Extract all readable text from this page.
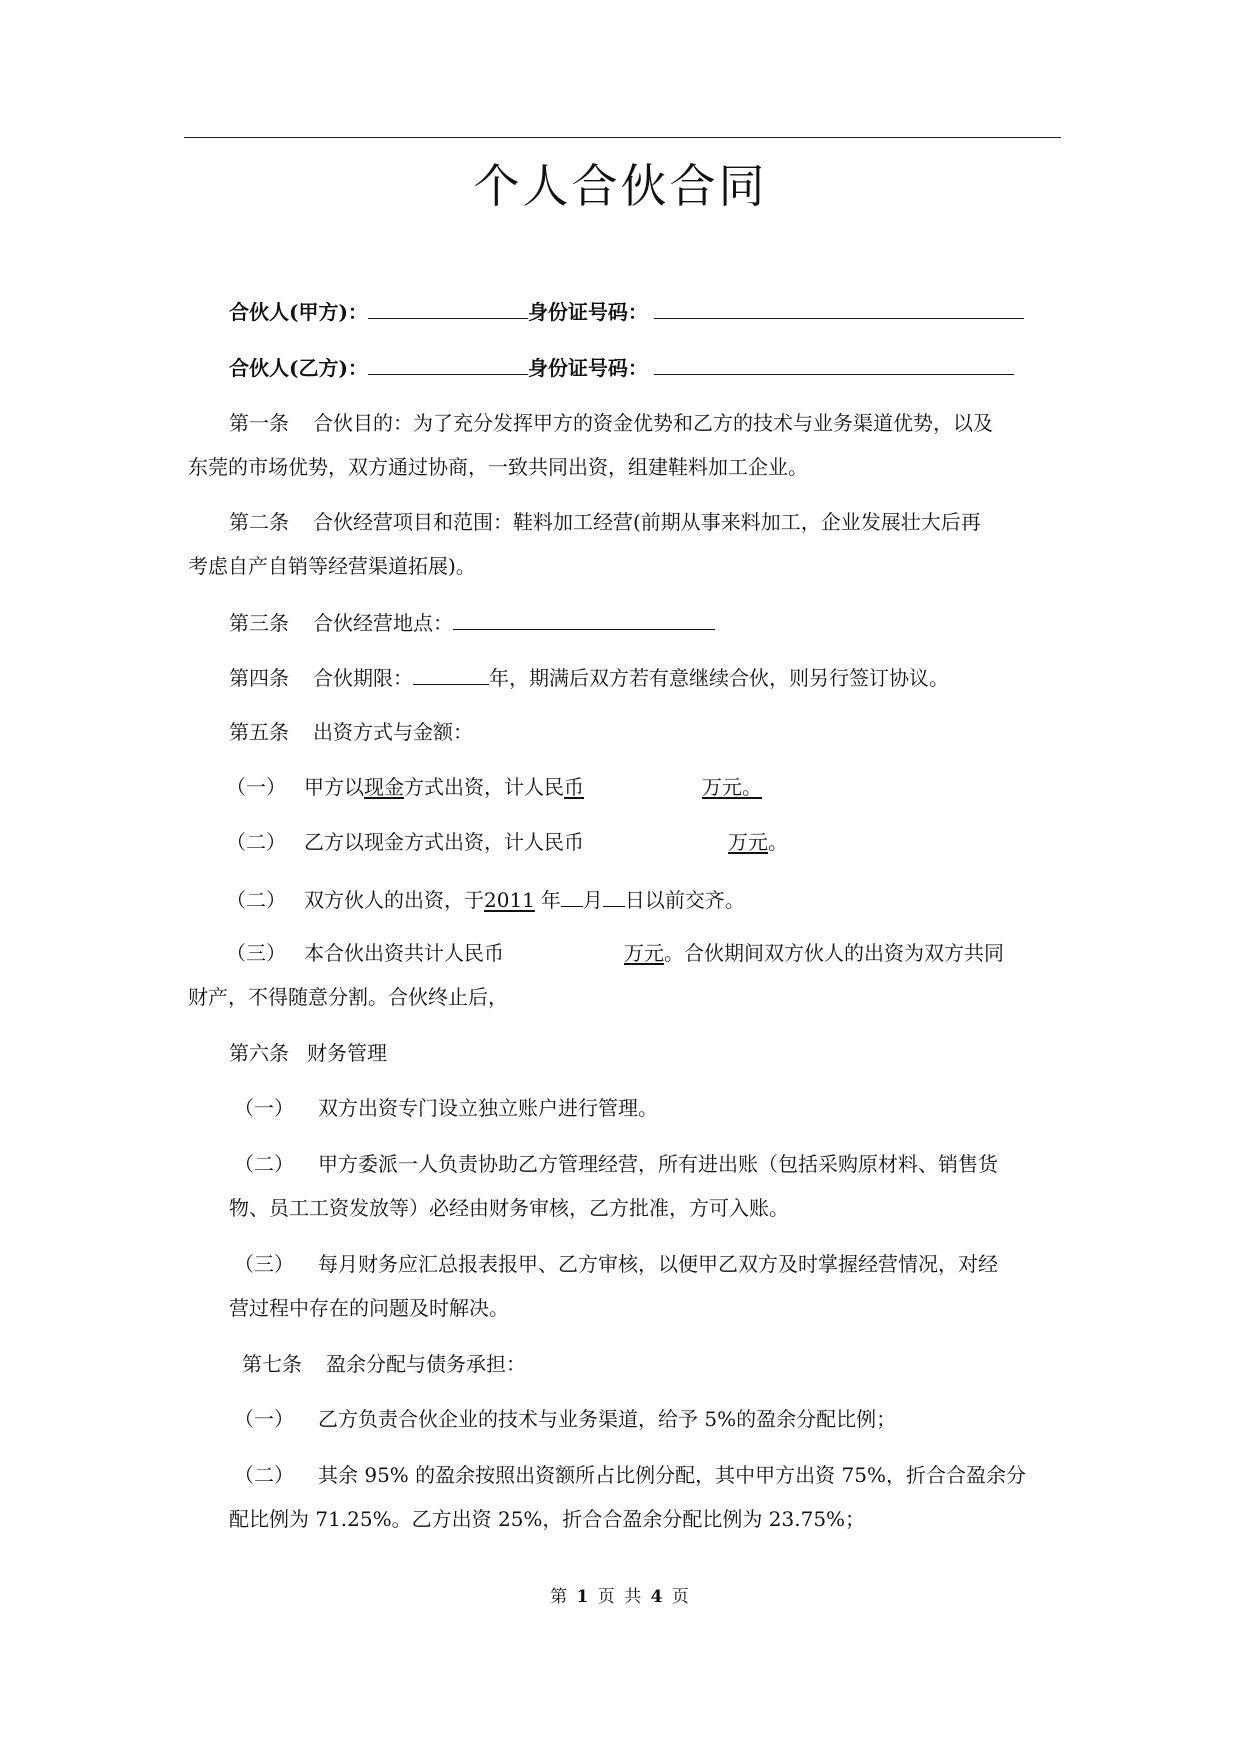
个人合伙合同
合伙人(甲方)：	身份证号码：
合伙人(乙方)：	身份证号码：
第一条 合伙目的：为了充分发挥甲方的资金优势和乙方的技术与业务渠道优势，以及
东莞的市场优势，双方通过协商，一致共同出资，组建鞋料加工企业。
第二条 合伙经营项目和范围：鞋料加工经营(前期从事来料加工，企业发展壮大后再
考虑自产自销等经营渠道拓展)。
第三条 合伙经营地点：
第四条 合伙期限：	年，期满后双方若有意继续合伙，则另行签订协议。
第五条 出资方式与金额：
（一） 甲方以现金方式出资，计人民币	万元。
（二） 乙方以现金方式出资，计人民币	万元。
（二） 双方伙人的出资，于2011 年 月 日以前交齐。
（三） 本合伙出资共计人民币	万元。合伙期间双方伙人的出资为双方共同
财产，不得随意分割。合伙终止后，
第六条 财务管理
（一） 双方出资专门设立独立账户进行管理。
（二） 甲方委派一人负责协助乙方管理经营，所有进出账（包括采购原材料、销售货
物、员工工资发放等）必经由财务审核，乙方批准，方可入账。
（三） 每月财务应汇总报表报甲、乙方审核，以便甲乙双方及时掌握经营情况，对经
营过程中存在的问题及时解决。
第七条 盈余分配与债务承担：
（一） 乙方负责合伙企业的技术与业务渠道，给予 5%的盈余分配比例；
（二） 其余 95% 的盈余按照出资额所占比例分配，其中甲方出资 75%，折合合盈余分
配比例为 71.25%。乙方出资 25%，折合合盈余分配比例为 23.75%；
第 1 页 共 4 页
